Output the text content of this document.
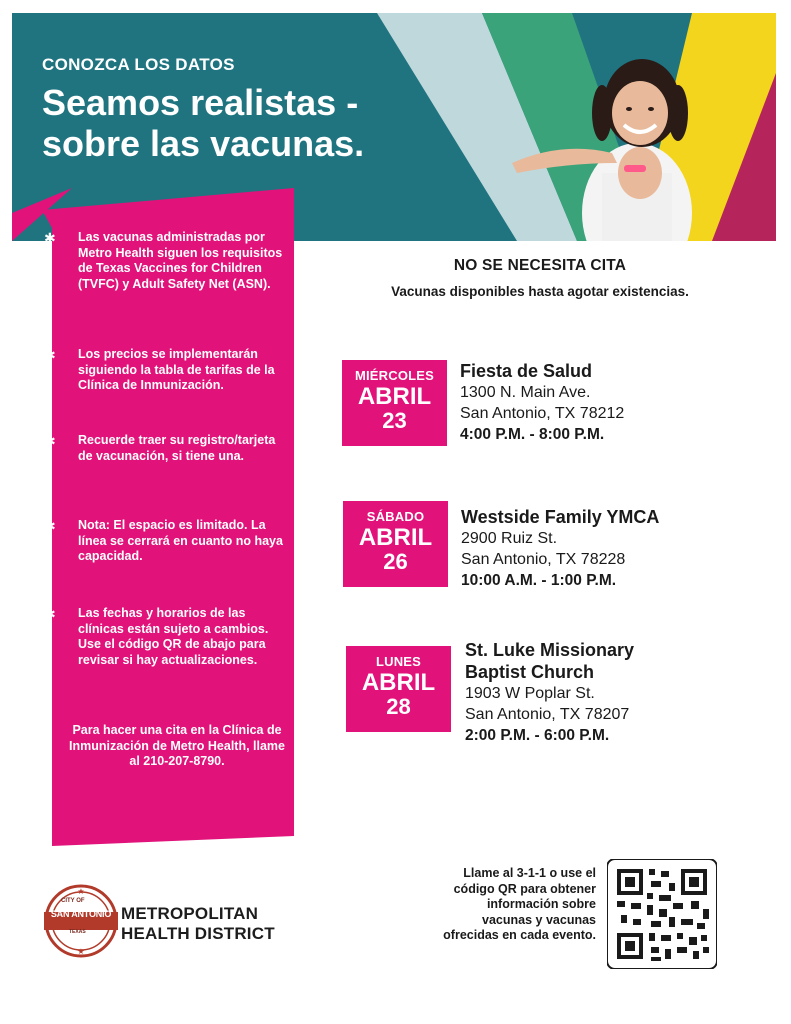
CONOZCA LOS DATOS
Seamos realistas -
sobre las vacunas.
✱ Las vacunas administradas por Metro Health siguen los requisitos de Texas Vaccines for Children (TVFC) y Adult Safety Net (ASN).
✱ Los precios se implementarán siguiendo la tabla de tarifas de la Clínica de Inmunización.
✱ Recuerde traer su registro/tarjeta de vacunación, si tiene una.
✱ Nota: El espacio es limitado. La línea se cerrará en cuanto no haya capacidad.
✱ Las fechas y horarios de las clínicas están sujeto a cambios. Use el código QR de abajo para revisar si hay actualizaciones.
Para hacer una cita en la Clínica de Inmunización de Metro Health, llame al 210-207-8790.
NO SE NECESITA CITA
Vacunas disponibles hasta agotar existencias.
MIÉRCOLES
ABRIL
23
Fiesta de Salud
1300 N. Main Ave.
San Antonio, TX 78212
4:00 P.M. - 8:00 P.M.
SÁBADO
ABRIL
26
Westside Family YMCA
2900 Ruiz St.
San Antonio, TX 78228
10:00 A.M. - 1:00 P.M.
LUNES
ABRIL
28
St. Luke Missionary
Baptist Church
1903 W Poplar St.
San Antonio, TX 78207
2:00 P.M. - 6:00 P.M.
★
★
CITY OF
SAN ANTONIO
TEXAS
METROPOLITAN
HEALTH DISTRICT
Llame al 3-1-1 o use el código QR para obtener información sobre vacunas y vacunas ofrecidas en cada evento.
